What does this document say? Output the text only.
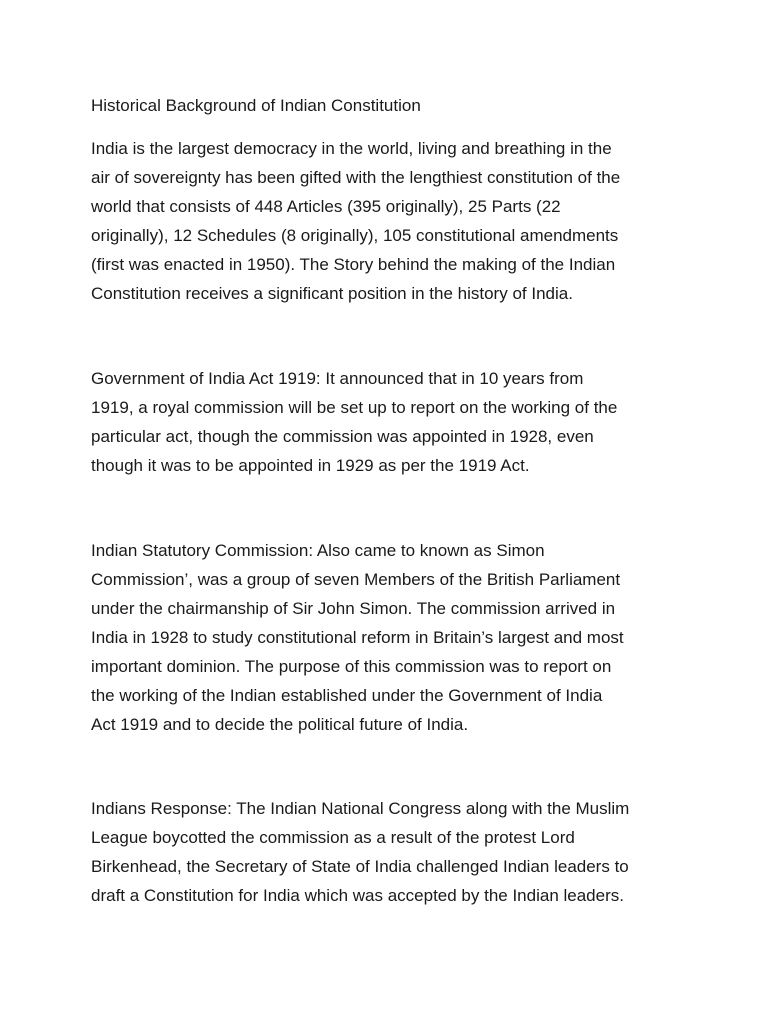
Historical Background of Indian Constitution

India is the largest democracy in the world, living and breathing in the
air of sovereignty has been gifted with the lengthiest constitution of the
world that consists of 448 Articles (395 originally), 25 Parts (22
originally), 12 Schedules (8 originally), 105 constitutional amendments
(first was enacted in 1950). The Story behind the making of the Indian
Constitution receives a significant position in the history of India.

Government of India Act 1919: It announced that in 10 years from
1919, a royal commission will be set up to report on the working of the
particular act, though the commission was appointed in 1928, even
though it was to be appointed in 1929 as per the 1919 Act.

Indian Statutory Commission: Also came to known as Simon
Commission’, was a group of seven Members of the British Parliament
under the chairmanship of Sir John Simon. The commission arrived in
India in 1928 to study constitutional reform in Britain’s largest and most
important dominion. The purpose of this commission was to report on
the working of the Indian established under the Government of India
Act 1919 and to decide the political future of India.

Indians Response: The Indian National Congress along with the Muslim
League boycotted the commission as a result of the protest Lord
Birkenhead, the Secretary of State of India challenged Indian leaders to
draft a Constitution for India which was accepted by the Indian leaders.
